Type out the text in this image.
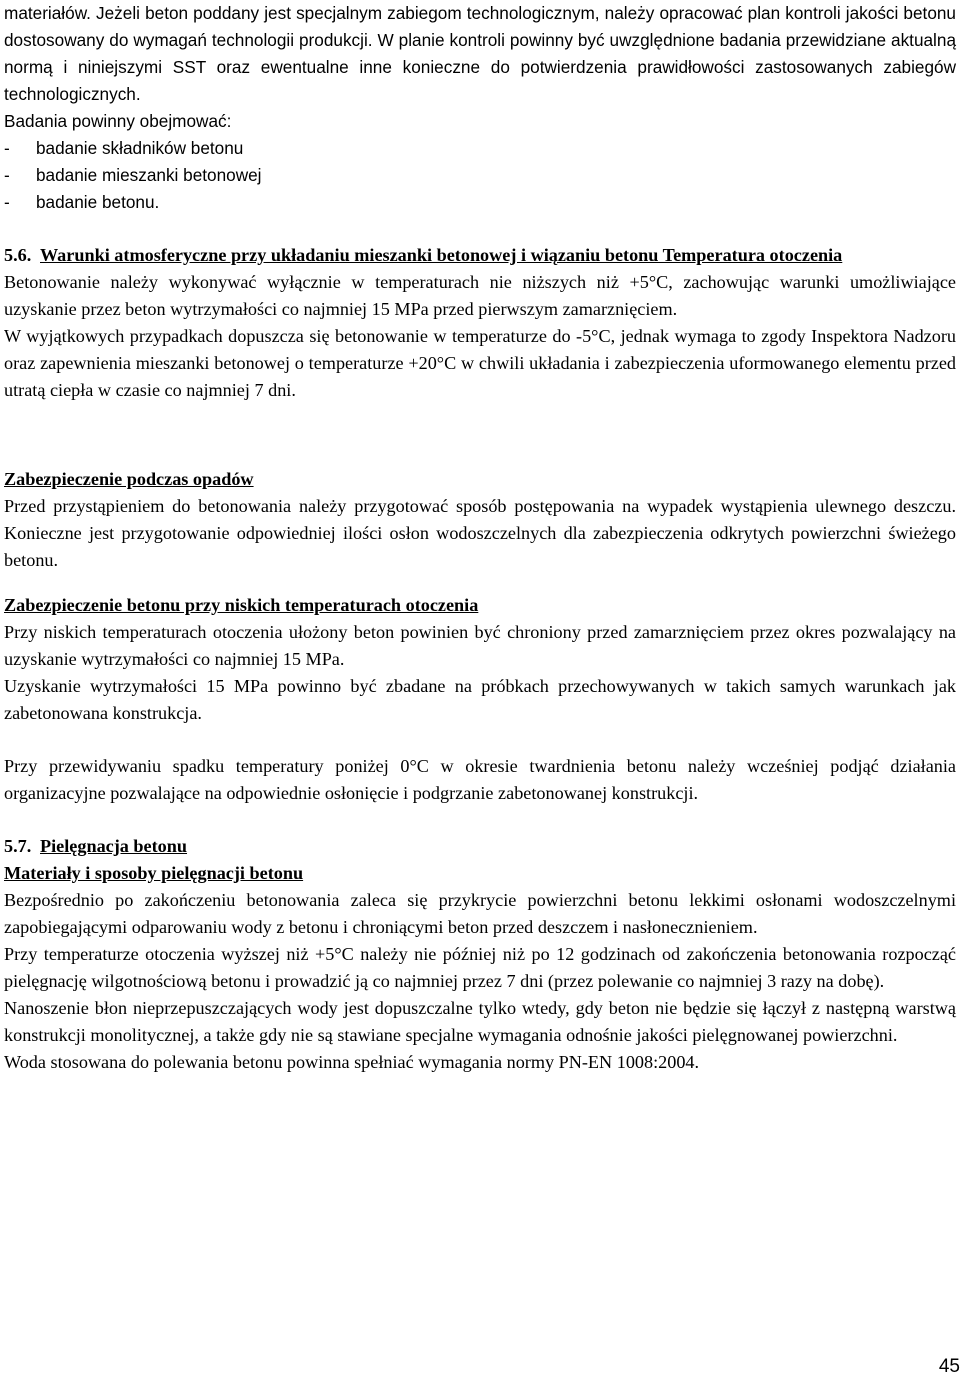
materiałów. Jeżeli beton poddany jest specjalnym zabiegom technologicznym, należy opracować plan kontroli jakości betonu dostosowany do wymagań technologii produkcji. W planie kontroli powinny być uwzględnione badania przewidziane aktualną normą i niniejszymi SST oraz ewentualne inne konieczne do potwierdzenia prawidłowości zastosowanych zabiegów technologicznych.

Badania powinny obejmować:

-	badanie składników betonu
-	badanie mieszanki betonowej
-	badanie betonu.

5.6. Warunki atmosferyczne przy układaniu mieszanki betonowej i wiązaniu betonu Temperatura otoczenia

Betonowanie należy wykonywać wyłącznie w temperaturach nie niższych niż +5°C, zachowując warunki umożliwiające uzyskanie przez beton wytrzymałości co najmniej 15 MPa przed pierwszym zamarznięciem.

W wyjątkowych przypadkach dopuszcza się betonowanie w temperaturze do -5°C, jednak wymaga to zgody Inspektora Nadzoru oraz zapewnienia mieszanki betonowej o temperaturze +20°C w chwili układania i zabezpieczenia uformowanego elementu przed utratą ciepła w czasie co najmniej 7 dni.

Zabezpieczenie podczas opadów

Przed przystąpieniem do betonowania należy przygotować sposób postępowania na wypadek wystąpienia ulewnego deszczu. Konieczne jest przygotowanie odpowiedniej ilości osłon wodoszczelnych dla zabezpieczenia odkrytych powierzchni świeżego betonu.

Zabezpieczenie betonu przy niskich temperaturach otoczenia

Przy niskich temperaturach otoczenia ułożony beton powinien być chroniony przed zamarznięciem przez okres pozwalający na uzyskanie wytrzymałości co najmniej 15 MPa.

Uzyskanie wytrzymałości 15 MPa powinno być zbadane na próbkach przechowywanych w takich samych warunkach jak zabetonowana konstrukcja.

Przy przewidywaniu spadku temperatury poniżej 0°C w okresie twardnienia betonu należy wcześniej podjąć działania organizacyjne pozwalające na odpowiednie osłonięcie i podgrzanie zabetonowanej konstrukcji.

5.7. Pielęgnacja betonu

Materiały i sposoby pielęgnacji betonu

Bezpośrednio po zakończeniu betonowania zaleca się przykrycie powierzchni betonu lekkimi osłonami wodoszczelnymi zapobiegającymi odparowaniu wody z betonu i chroniącymi beton przed deszczem i nasłonecznieniem.

Przy temperaturze otoczenia wyższej niż +5°C należy nie później niż po 12 godzinach od zakończenia betonowania rozpocząć pielęgnację wilgotnościową betonu i prowadzić ją co najmniej przez 7 dni (przez polewanie co najmniej 3 razy na dobę).

Nanoszenie błon nieprzepuszczających wody jest dopuszczalne tylko wtedy, gdy beton nie będzie się łączył z następną warstwą konstrukcji monolitycznej, a także gdy nie są stawiane specjalne wymagania odnośnie jakości pielęgnowanej powierzchni.

Woda stosowana do polewania betonu powinna spełniać wymagania normy PN-EN 1008:2004.

45
